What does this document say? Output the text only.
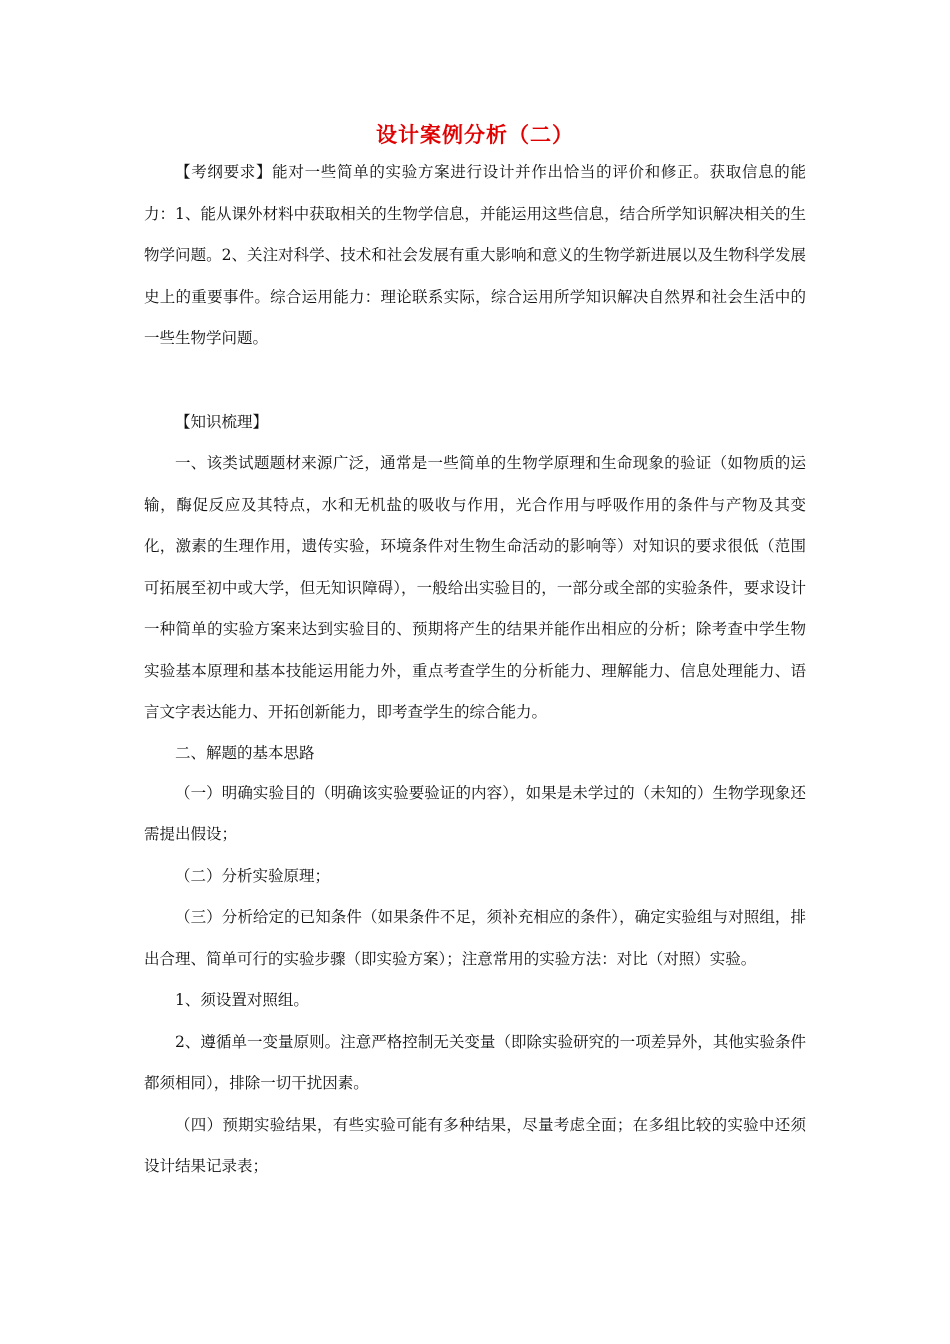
设计案例分析（二）

【考纲要求】能对一些简单的实验方案进行设计并作出恰当的评价和修正。获取信息的能力：1、能从课外材料中获取相关的生物学信息，并能运用这些信息，结合所学知识解决相关的生物学问题。2、关注对科学、技术和社会发展有重大影响和意义的生物学新进展以及生物科学发展史上的重要事件。综合运用能力：理论联系实际，综合运用所学知识解决自然界和社会生活中的一些生物学问题。

【知识梳理】

一、该类试题题材来源广泛，通常是一些简单的生物学原理和生命现象的验证（如物质的运输，酶促反应及其特点，水和无机盐的吸收与作用，光合作用与呼吸作用的条件与产物及其变化，激素的生理作用，遗传实验，环境条件对生物生命活动的影响等）对知识的要求很低（范围可拓展至初中或大学，但无知识障碍），一般给出实验目的，一部分或全部的实验条件，要求设计一种简单的实验方案来达到实验目的、预期将产生的结果并能作出相应的分析；除考查中学生物实验基本原理和基本技能运用能力外，重点考查学生的分析能力、理解能力、信息处理能力、语言文字表达能力、开拓创新能力，即考查学生的综合能力。

二、解题的基本思路

（一）明确实验目的（明确该实验要验证的内容），如果是未学过的（未知的）生物学现象还需提出假设；

（二）分析实验原理；

（三）分析给定的已知条件（如果条件不足，须补充相应的条件），确定实验组与对照组，排出合理、简单可行的实验步骤（即实验方案）；注意常用的实验方法：对比（对照）实验。

1、须设置对照组。

2、遵循单一变量原则。注意严格控制无关变量（即除实验研究的一项差异外，其他实验条件都须相同），排除一切干扰因素。

（四）预期实验结果，有些实验可能有多种结果，尽量考虑全面；在多组比较的实验中还须设计结果记录表；
